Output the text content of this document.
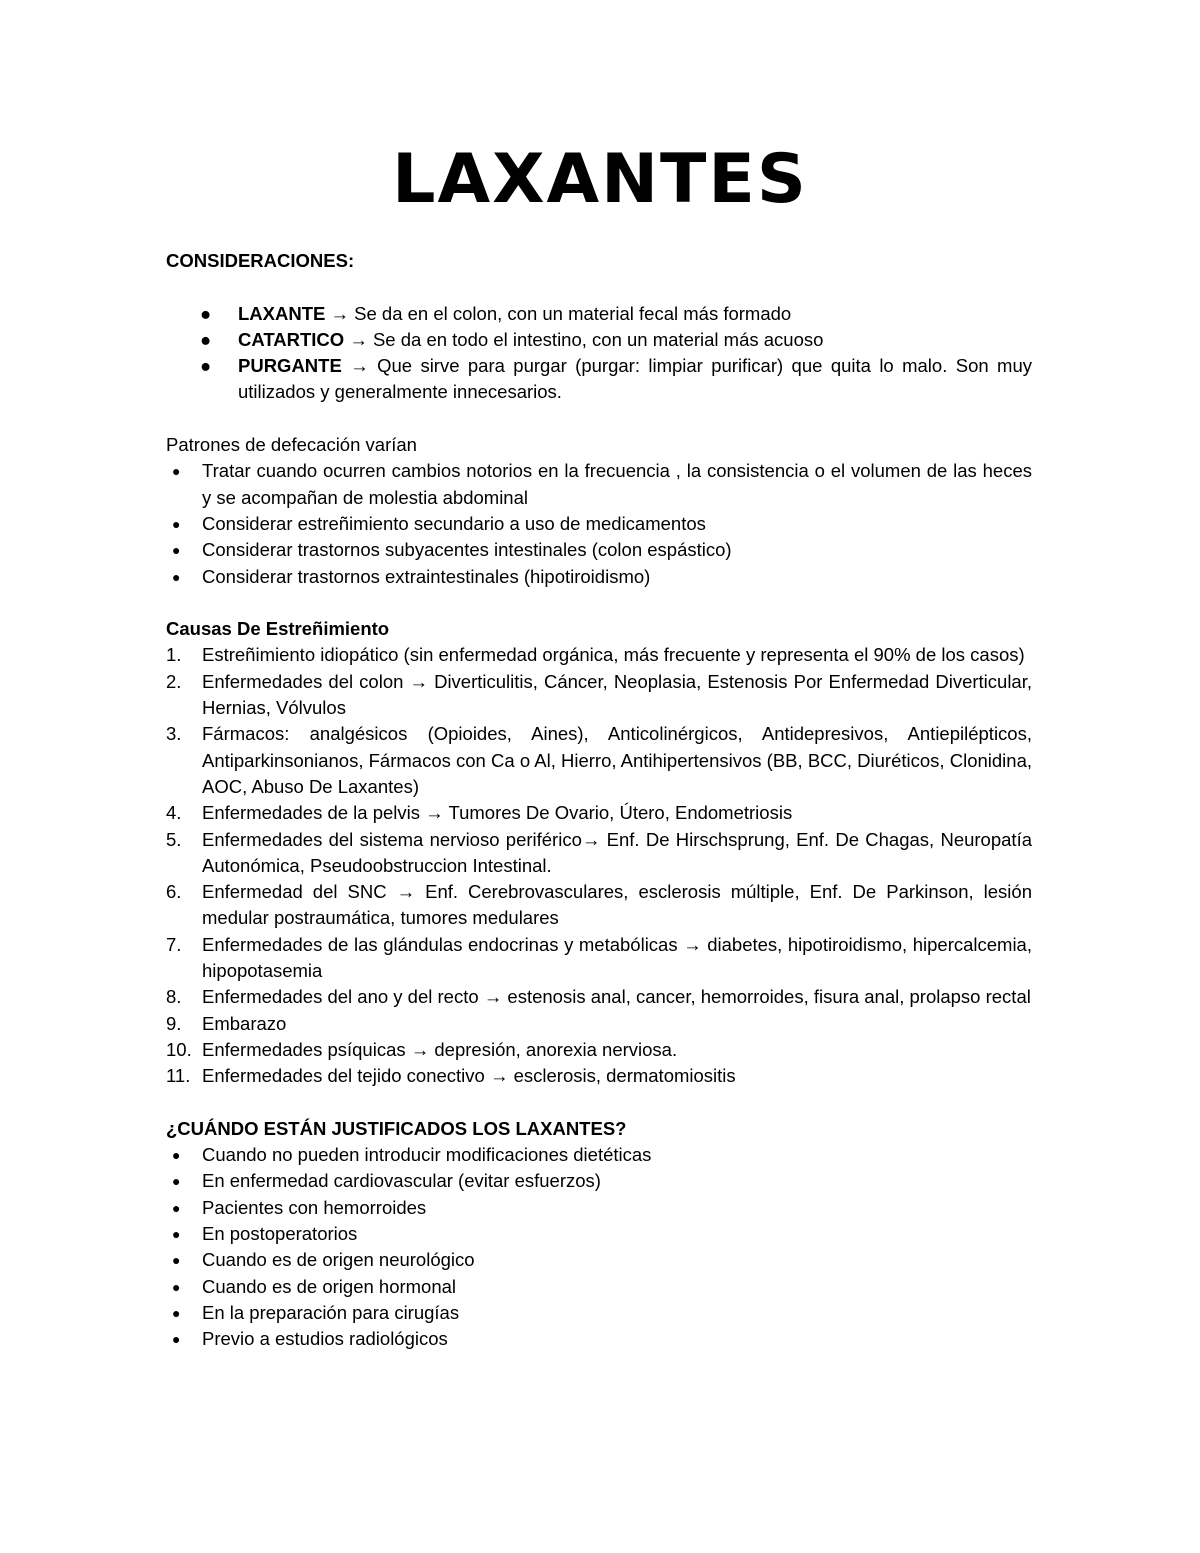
LAXANTES
CONSIDERACIONES:
● LAXANTE → Se da en el colon, con un material fecal más formado
● CATARTICO → Se da en todo el intestino, con un material más acuoso
● PURGANTE → Que sirve para purgar (purgar: limpiar purificar) que quita lo malo. Son muy utilizados y generalmente innecesarios.
Patrones de defecación varían
● Tratar cuando ocurren cambios notorios en la frecuencia , la consistencia o el volumen de las heces y se acompañan de molestia abdominal
● Considerar estreñimiento secundario a uso de medicamentos
● Considerar trastornos subyacentes intestinales (colon espástico)
● Considerar trastornos extraintestinales (hipotiroidismo)
Causas De Estreñimiento
1. Estreñimiento idiopático (sin enfermedad orgánica, más frecuente y representa el 90% de los casos)
2. Enfermedades del colon → Diverticulitis, Cáncer, Neoplasia, Estenosis Por Enfermedad Diverticular, Hernias, Vólvulos
3. Fármacos: analgésicos (Opioides, Aines), Anticolinérgicos, Antidepresivos, Antiepilépticos, Antiparkinsonianos, Fármacos con Ca o Al, Hierro, Antihipertensivos (BB, BCC, Diuréticos, Clonidina, AOC, Abuso De Laxantes)
4. Enfermedades de la pelvis → Tumores De Ovario, Útero, Endometriosis
5. Enfermedades del sistema nervioso periférico→ Enf. De Hirschsprung, Enf. De Chagas, Neuropatía Autonómica, Pseudoobstruccion Intestinal.
6. Enfermedad del SNC → Enf. Cerebrovasculares, esclerosis múltiple, Enf. De Parkinson, lesión medular postraumática, tumores medulares
7. Enfermedades de las glándulas endocrinas y metabólicas → diabetes, hipotiroidismo, hipercalcemia, hipopotasemia
8. Enfermedades del ano y del recto → estenosis anal, cancer, hemorroides, fisura anal, prolapso rectal
9. Embarazo
10. Enfermedades psíquicas → depresión, anorexia nerviosa.
11. Enfermedades del tejido conectivo → esclerosis, dermatomiositis
¿CUÁNDO ESTÁN JUSTIFICADOS LOS LAXANTES?
● Cuando no pueden introducir modificaciones dietéticas
● En enfermedad cardiovascular (evitar esfuerzos)
● Pacientes con hemorroides
● En postoperatorios
● Cuando es de origen neurológico
● Cuando es de origen hormonal
● En la preparación para cirugías
● Previo a estudios radiológicos
